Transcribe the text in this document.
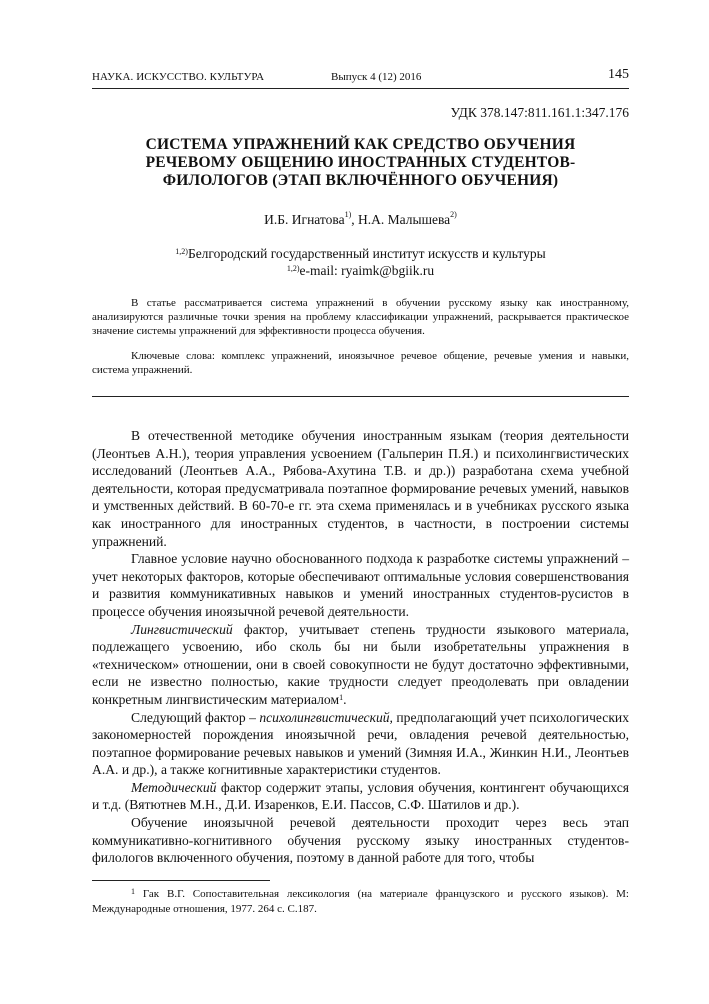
НАУКА. ИСКУССТВО. КУЛЬТУРА	Выпуск 4 (12) 2016	145
УДК 378.147:811.161.1:347.176
СИСТЕМА УПРАЖНЕНИЙ КАК СРЕДСТВО ОБУЧЕНИЯ
РЕЧЕВОМУ ОБЩЕНИЮ ИНОСТРАННЫХ СТУДЕНТОВ-
ФИЛОЛОГОВ (ЭТАП ВКЛЮЧЁННОГО ОБУЧЕНИЯ)
И.Б. Игнатова$^{1)}$, Н.А. Малышева$^{2)}$
$^{1,2)}$Белгородский государственный институт искусств и культуры
$^{1,2)}$e-mail: ryaimk@bgiik.ru
В статье рассматривается система упражнений в обучении русскому языку как иностранному, анализируются различные точки зрения на проблему классификации упражнений, раскрывается практическое значение системы упражнений для эффективности процесса обучения.
Ключевые слова: комплекс упражнений, иноязычное речевое общение, речевые умения и навыки, система упражнений.

В отечественной методике обучения иностранным языкам (теория деятельности (Леонтьев А.Н.), теория управления усвоением (Гальперин П.Я.) и психолингвистических исследований (Леонтьев А.А., Рябова-Ахутина Т.В. и др.)) разработана схема учебной деятельности, которая предусматривала поэтапное формирование речевых умений, навыков и умственных действий. В 60-70-е гг. эта схема применялась и в учебниках русского языка как иностранного для иностранных студентов, в частности, в построении системы упражнений.

Главное условие научно обоснованного подхода к разработке системы упражнений – учет некоторых факторов, которые обеспечивают оптимальные условия совершенствования и развития коммуникативных навыков и умений иностранных студентов-русистов в процессе обучения иноязычной речевой деятельности.

Лингвистический фактор, учитывает степень трудности языкового материала, подлежащего усвоению, ибо сколь бы ни были изобретательны упражнения в «техническом» отношении, они в своей совокупности не будут достаточно эффективными, если не известно полностью, какие трудности следует преодолевать при овладении конкретным лингвистическим материалом$^1$.

Следующий фактор – психолингвистический, предполагающий учет психологических закономерностей порождения иноязычной речи, овладения речевой деятельностью, поэтапное формирование речевых навыков и умений (Зимняя И.А., Жинкин Н.И., Леонтьев А.А. и др.), а также когнитивные характеристики студентов.

Методический фактор содержит этапы, условия обучения, контингент обучающихся и т.д. (Вятютнев М.Н., Д.И. Изаренков, Е.И. Пассов, С.Ф. Шатилов и др.).

Обучение иноязычной речевой деятельности проходит через весь этап коммуникативно-когнитивного обучения русскому языку иностранных студентов-филологов включенного обучения, поэтому в данной работе для того, чтобы

$^1$ Гак В.Г. Сопоставительная лексикология (на материале французского и русского языков). М: Международные отношения, 1977. 264 с. С.187.
